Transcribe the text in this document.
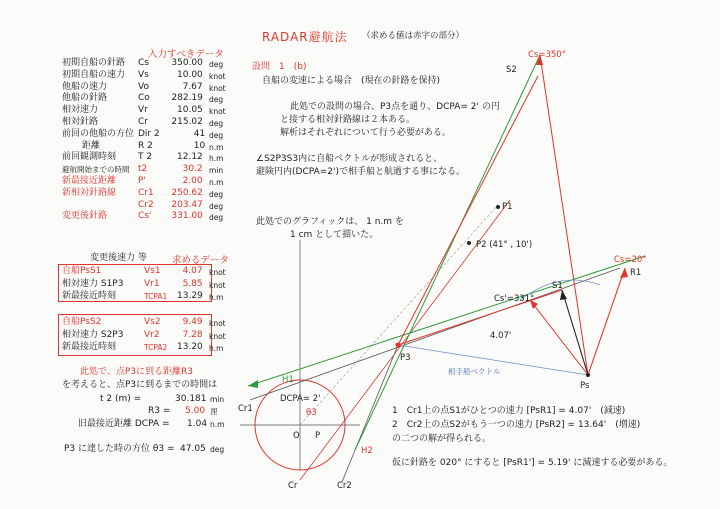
RADAR避航法 （求める値は赤字の部分）
入力すべきデータ
初期自船の針路 Cs 350.00 deg
初期自船の速力 Vs	10.00 knot
他船の速力	Vo	7.67 knot
他船の針路	Co 282.19 deg
相対速力	Vr	10.05 knot
相対針路	Cr	215.02 deg
前回の他船の方位 Dir 2	41 deg
距離	R 2	10 n.m
前回観測時刻 T 2	12.12 h.m
避航開始までの時間 t2	30.2 min
新最接近距離 P'	2.00 n.m
新相対針路線 Cr1 250.62 deg
Cr2 203.47 deg
変更後針路	Cs' 331.00 deg
変更後速力 等	求めるデータ
自船PsS1	Vs1 4.07 knot
相対速力 S1P3 Vr1	5.85 knot
新最接近時刻	TCPA1 13.29 h.m
自船PsS2	Vs2 9.49 knot
相対速力 S2P3 Vr2	7.28 knot
新最接近時刻	TCPA2 13.20 h.m
此処で、点P3に到る距離R3
を考えると、点P3に到るまでの時間は
t 2 (m) =	30.181 min
R3 = 5.00 浬
旧最接近距離 DCPA = 1.04 n.m
P3 に達した時の方位 θ3 = 47.05 deg
設問　1　(b)
自船の変速による場合　(現在の針路を保持)
此処での設問の場合、P3点を通り、DCPA= 2' の円
と接する相対針路線は２本ある。
解析はそれぞれについて行う必要がある。
∠S2P3S3内に自船ベクトルが形成されると、
避険円内(DCPA=2')で相手船と航過する事になる。
此処でのグラフィックは、 1 n.m を
1 cm として描いた。
1　Cr1上の点S1がひとつの速力 [PsR1] = 4.07'　(減速)
2　Cr2上の点S2がもう一つの速力 [PsR2] = 13.64'　(増速)
の二つの解が得られる。
仮に針路を 020° にすると [PsR1'] = 5.19' に減速する必要がある。
Cs=350°
S2
Cs=20°
R1
S1
Cs'=331°
4.07'
P1
P2 (41° , 10')
P3
Ps
相手船ベクトル
H1
H2
Cr1
Cr	Cr2
DCPA= 2'
θ3
O P
